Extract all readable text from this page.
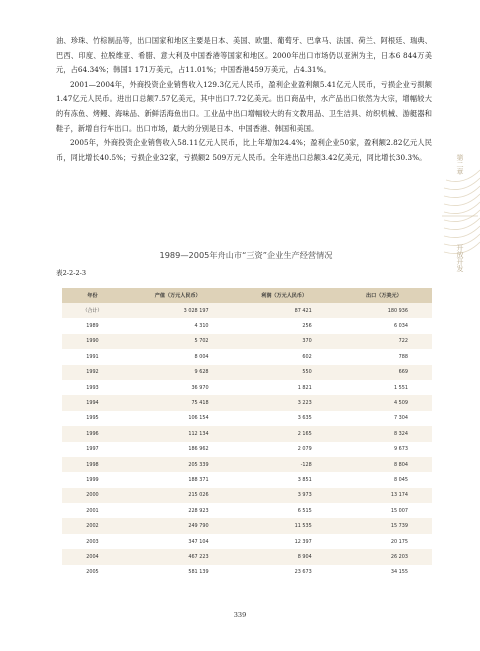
油、珍珠、竹棕制品等，出口国家和地区主要是日本、美国、欧盟、葡萄牙、巴拿马、法国、荷兰、阿根廷、瑞典、巴西、印度、拉脱维亚、希腊、意大利及中国香港等国家和地区。2000年出口市场仍以亚洲为主，日本6 844万美元，占64.34%；韩国1 171万美元，占11.01%；中国香港459万美元，占4.31%。

2001—2004年，外商投资企业销售收入129.3亿元人民币，盈利企业盈利额5.41亿元人民币，亏损企业亏损额1.47亿元人民币。进出口总额7.57亿美元，其中出口7.72亿美元。出口商品中，水产品出口依然为大宗，增幅较大的有冻鱼、烤鳗、海味品、新鲜活海鱼出口。工业品中出口增幅较大的有文教用品、卫生洁具、纺织机械、游艇器和鞋子，新增自行车出口。出口市场，最大的分别是日本、中国香港、韩国和美国。

2005年，外商投资企业销售收入58.11亿元人民币，比上年增加24.4%；盈利企业50家，盈利额2.82亿元人民币，同比增长40.5%；亏损企业32家，亏损额2 509万元人民币。全年进出口总额3.42亿美元，同比增长30.3%。	第二章
开放开发
1989—2005年舟山市“三资”企业生产经营情况
表2-2-2-3
年份	产值（万元人民币）	利润（万元人民币）	出口（万美元）
（合计）	3 028 197	87 421	180 936
1989	4 310	256	6 034
1990	5 702	370	722
1991	8 004	602	788
1992	9 628	550	669
1993	36 970	1 821	1 551
1994	75 418	3 223	4 509
1995	106 154	3 635	7 304
1996	112 134	2 165	8 324
1997	186 962	2 079	9 673
1998	205 339	-128	8 804
1999	188 371	3 851	8 045
2000	215 026	3 973	13 174
2001	228 923	6 515	15 007
2002	249 790	11 535	15 739
2003	347 104	12 397	20 175
2004	467 223	8 904	26 203
2005	581 139	23 673	34 155
339
